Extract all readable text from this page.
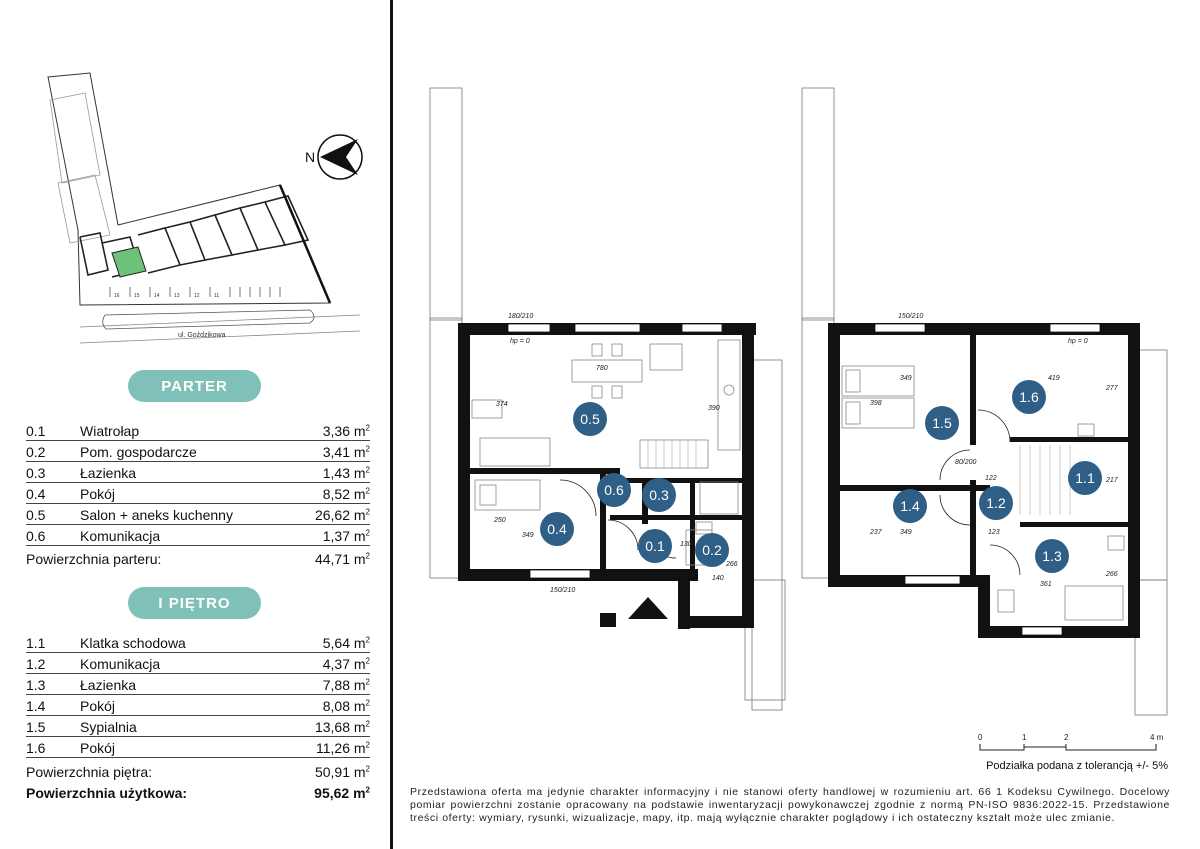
N
16	15	14	13	12	11
ul. Goździkowa
PARTER
0.1	Wiatrołap	3,36 $m^2$
0.2	Pom. gospodarcze	3,41 $m^2$
0.3	Łazienka	1,43 $m^2$
0.4	Pokój	8,52 $m^2$
0.5	Salon + aneks kuchenny	26,62 $m^2$
0.6	Komunikacja	1,37 $m^2$
Powierzchnia parteru:	44,71 $m^2$
I PIĘTRO
1.1	Klatka schodowa	5,64 $m^2$
1.2	Komunikacja	4,37 $m^2$
1.3	Łazienka	7,88 $m^2$
1.4	Pokój	8,08 $m^2$
1.5	Sypialnia	13,68 $m^2$
1.6	Pokój	11,26 $m^2$
Powierzchnia piętra:	50,91 $m^2$
Powierzchnia użytkowa:	95,62 $m^2$
780
374
390
349
250
140
266
130
hp = 0
180/210
150/210
0.1	0.2
0.3
0.4
0.5
0.6
349
398
419
277
122	217
349
237	123
361
266
hp = 0
150/210
80/200
1.1
1.2
1.3
1.4
1.5
1.6
0	1	2	4 m
Podziałka podana z tolerancją +/- 5%
Przedstawiona oferta ma jedynie charakter informacyjny i nie stanowi oferty handlowej w rozumieniu art. 66 1 Kodeksu Cywilnego. Docelowy pomiar powierzchni zostanie opracowany na podstawie inwentaryzacji powykonawczej zgodnie z normą PN-ISO 9836:2022-15. Przedstawione treści oferty: wymiary, rysunki, wizualizacje, mapy, itp. mają wyłącznie charakter poglądowy i ich ostateczny kształt może ulec zmianie.
